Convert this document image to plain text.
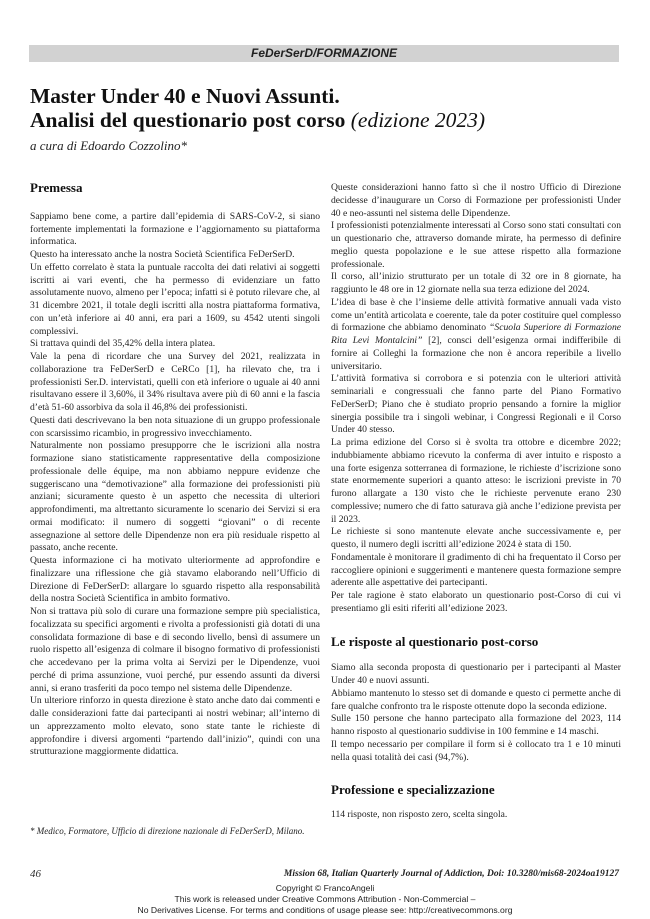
FeDerSerD/FORMAZIONE
Master Under 40 e Nuovi Assunti.
Analisi del questionario post corso (edizione 2023)
a cura di Edoardo Cozzolino*

Premessa

Sappiamo bene come, a partire dall’epidemia di SARS-CoV-2, si siano fortemente implementati la formazione e l’aggiornamento su piattaforma informatica.

Questo ha interessato anche la nostra Società Scientifica FeDerSerD.

Un effetto correlato è stata la puntuale raccolta dei dati relativi ai soggetti iscritti ai vari eventi, che ha permesso di evidenziare un fatto assolutamente nuovo, almeno per l’epoca; infatti si è potuto rilevare che, al 31 dicembre 2021, il totale degli iscritti alla nostra piattaforma formativa, con un’età inferiore ai 40 anni, era pari a 1609, su 4542 utenti singoli complessivi.

Si trattava quindi del 35,42% della intera platea.

Vale la pena di ricordare che una Survey del 2021, realizzata in collaborazione tra FeDerSerD e CeRCo [1], ha rilevato che, tra i professionisti Ser.D. intervistati, quelli con età inferiore o uguale ai 40 anni risultavano essere il 3,60%, il 34% risultava avere più di 60 anni e la fascia d’età 51-60 assorbiva da sola il 46,8% dei professionisti.

Questi dati descrivevano la ben nota situazione di un gruppo professionale con scarsissimo ricambio, in progressivo invecchiamento.

Naturalmente non possiamo presupporre che le iscrizioni alla nostra formazione siano statisticamente rappresentative della composizione professionale delle équipe, ma non abbiamo neppure evidenze che suggeriscano una “demotivazione” alla formazione dei professionisti più anziani; sicuramente questo è un aspetto che necessita di ulteriori approfondimenti, ma altrettanto sicuramente lo scenario dei Servizi si era ormai modificato: il numero di soggetti “giovani” o di recente assegnazione al settore delle Dipendenze non era più residuale rispetto al passato, anche recente.

Questa informazione ci ha motivato ulteriormente ad approfondire e finalizzare una riflessione che già stavamo elaborando nell’Ufficio di Direzione di FeDerSerD: allargare lo sguardo rispetto alla responsabilità della nostra Società Scientifica in ambito formativo.

Non si trattava più solo di curare una formazione sempre più specialistica, focalizzata su specifici argomenti e rivolta a professionisti già dotati di una consolidata formazione di base e di secondo livello, bensì di assumere un ruolo rispetto all’esigenza di colmare il bisogno formativo di professionisti che accedevano per la prima volta ai Servizi per le Dipendenze, vuoi perché di prima assunzione, vuoi perché, pur essendo assunti da diversi anni, si erano trasferiti da poco tempo nel sistema delle Dipendenze.

Un ulteriore rinforzo in questa direzione è stato anche dato dai commenti e dalle considerazioni fatte dai partecipanti ai nostri webinar; all’interno di un apprezzamento molto elevato, sono state tante le richieste di approfondire i diversi argomenti “partendo dall’inizio”, quindi con una strutturazione maggiormente didattica.

Queste considerazioni hanno fatto sì che il nostro Ufficio di Direzione decidesse d’inaugurare un Corso di Formazione per professionisti Under 40 e neo-assunti nel sistema delle Dipendenze.

I professionisti potenzialmente interessati al Corso sono stati consultati con un questionario che, attraverso domande mirate, ha permesso di definire meglio questa popolazione e le sue attese rispetto alla formazione professionale.

Il corso, all’inizio strutturato per un totale di 32 ore in 8 giornate, ha raggiunto le 48 ore in 12 giornate nella sua terza edizione del 2024.

L’idea di base è che l’insieme delle attività formative annuali vada visto come un’entità articolata e coerente, tale da poter costituire quel complesso di formazione che abbiamo denominato “Scuola Superiore di Formazione Rita Levi Montalcini” [2], consci dell’esigenza ormai indifferibile di fornire ai Colleghi la formazione che non è ancora reperibile a livello universitario.

L’attività formativa si corrobora e si potenzia con le ulteriori attività seminariali e congressuali che fanno parte del Piano Formativo FeDerSerD; Piano che è studiato proprio pensando a fornire la miglior sinergia possibile tra i singoli webinar, i Congressi Regionali e il Corso Under 40 stesso.

La prima edizione del Corso si è svolta tra ottobre e dicembre 2022; indubbiamente abbiamo ricevuto la conferma di aver intuito e risposto a una forte esigenza sotterranea di formazione, le richieste d’iscrizione sono state enormemente superiori a quanto atteso: le iscrizioni previste in 70 furono allargate a 130 visto che le richieste pervenute erano 230 complessive; numero che di fatto saturava già anche l’edizione prevista per il 2023.

Le richieste si sono mantenute elevate anche successivamente e, per questo, il numero degli iscritti all’edizione 2024 è stata di 150.

Fondamentale è monitorare il gradimento di chi ha frequentato il Corso per raccogliere opinioni e suggerimenti e mantenere questa formazione sempre aderente alle aspettative dei partecipanti.

Per tale ragione è stato elaborato un questionario post-Corso di cui vi presentiamo gli esiti riferiti all’edizione 2023.

Le risposte al questionario post-corso

Siamo alla seconda proposta di questionario per i partecipanti al Master Under 40 e nuovi assunti.

Abbiamo mantenuto lo stesso set di domande e questo ci permette anche di fare qualche confronto tra le risposte ottenute dopo la seconda edizione.

Sulle 150 persone che hanno partecipato alla formazione del 2023, 114 hanno risposto al questionario suddivise in 100 femmine e 14 maschi.

Il tempo necessario per compilare il form si è collocato tra 1 e 10 minuti nella quasi totalità dei casi (94,7%).

Professione e specializzazione

114 risposte, non risposto zero, scelta singola.

* Medico, Formatore, Ufficio di direzione nazionale di FeDerSerD, Milano.
46	Mission 68, Italian Quarterly Journal of Addiction, Doi: 10.3280/mis68-2024oa19127
Copyright © FrancoAngeli
This work is released under Creative Commons Attribution - Non-Commercial –
No Derivatives License. For terms and conditions of usage please see: http://creativecommons.org
